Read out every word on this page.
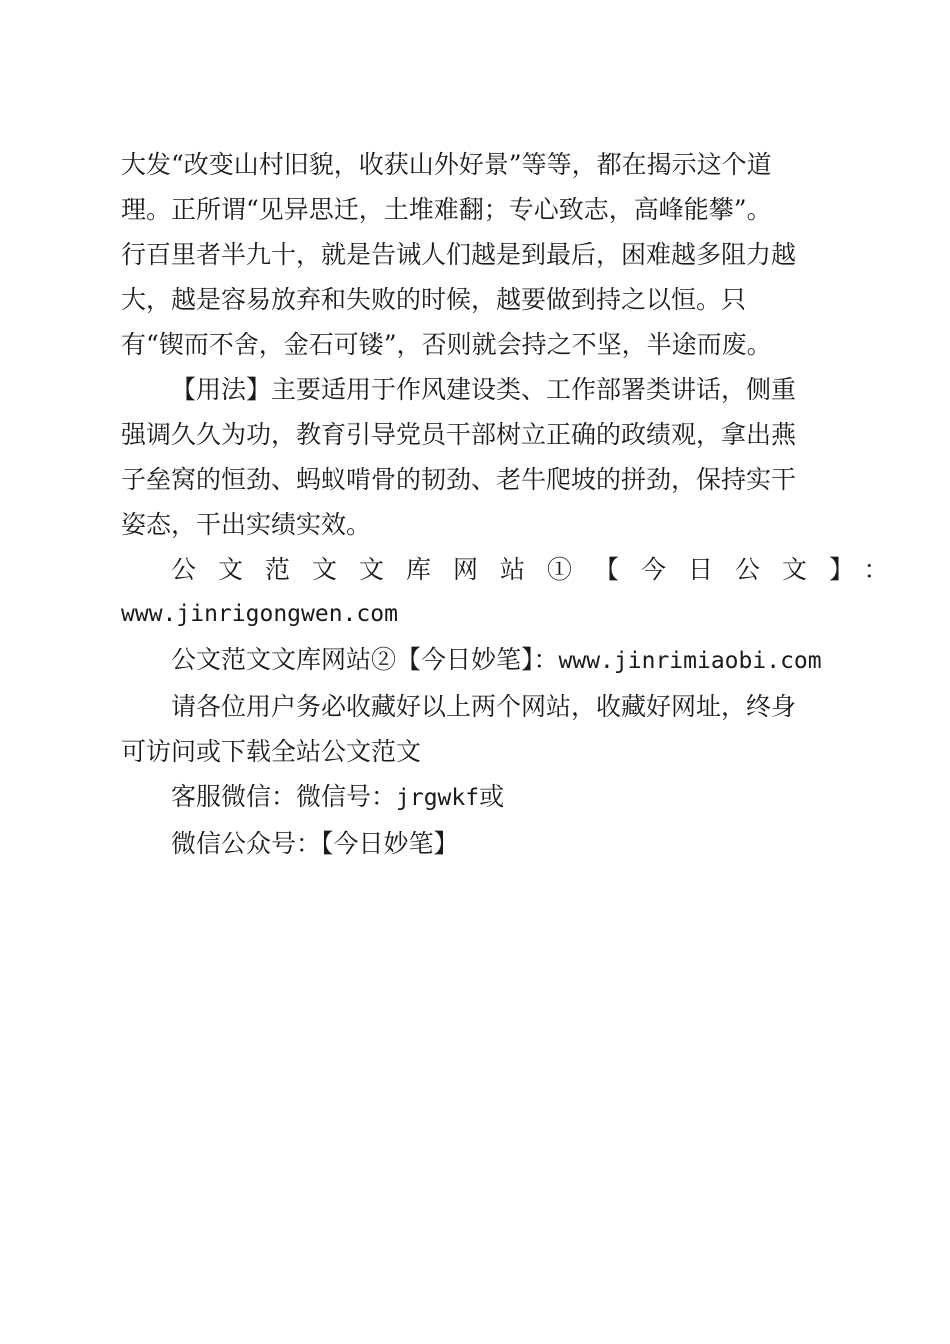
大发“改变山村旧貌，收获山外好景”等等，都在揭示这个道
理。正所谓“见异思迁，土堆难翻；专心致志，高峰能攀”。
行百里者半九十，就是告诫人们越是到最后，困难越多阻力越
大，越是容易放弃和失败的时候，越要做到持之以恒。只
有“锲而不舍，金石可镂”，否则就会持之不坚，半途而废。
【用法】主要适用于作风建设类、工作部署类讲话，侧重
强调久久为功，教育引导党员干部树立正确的政绩观，拿出燕
子垒窝的恒劲、蚂蚁啃骨的韧劲、老牛爬坡的拼劲，保持实干
姿态，干出实绩实效。
公文范文文库网站①【今日公文】：
www.jinrigongwen.com
公文范文文库网站②【今日妙笔】：www.jinrimiaobi.com
请各位用户务必收藏好以上两个网站，收藏好网址，终身
可访问或下载全站公文范文
客服微信：微信号：jrgwkf或
微信公众号：【今日妙笔】
